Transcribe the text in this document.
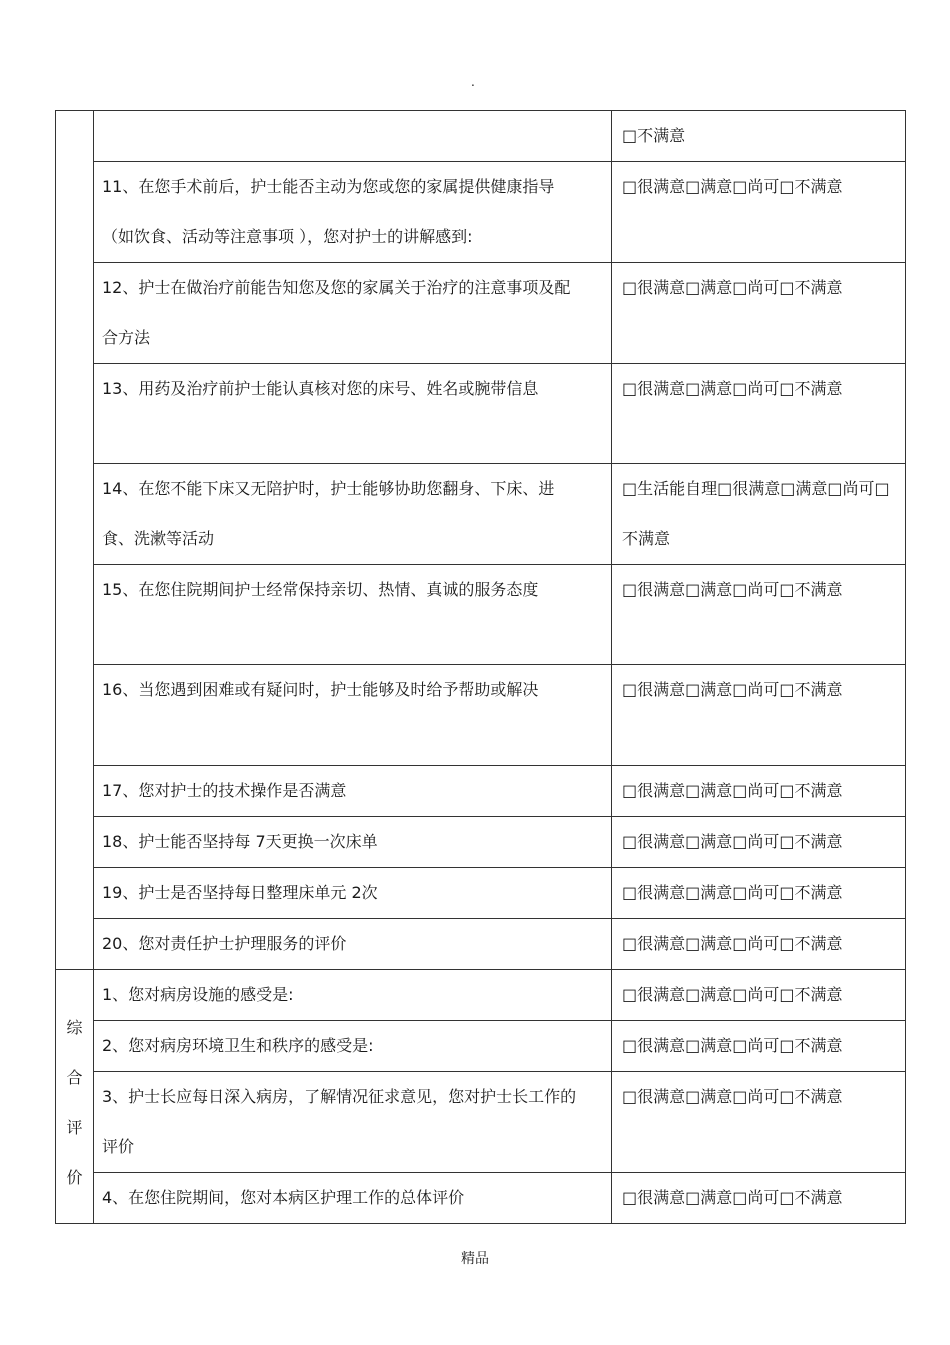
.
		□不满意
	11、在您手术前后，护士能否主动为您或您的家属提供健康指导（如饮食、活动等注意事项 ），您对护士的讲解感到:	□很满意□满意□尚可□不满意
	12、护士在做治疗前能告知您及您的家属关于治疗的注意事项及配合方法	□很满意□满意□尚可□不满意
	13、用药及治疗前护士能认真核对您的床号、姓名或腕带信息	□很满意□满意□尚可□不满意
	14、在您不能下床又无陪护时，护士能够协助您翻身、下床、进食、洗漱等活动	□生活能自理□很满意□满意□尚可□不满意
	15、在您住院期间护士经常保持亲切、热情、真诚的服务态度	□很满意□满意□尚可□不满意
	16、当您遇到困难或有疑问时，护士能够及时给予帮助或解决	□很满意□满意□尚可□不满意
	17、您对护士的技术操作是否满意	□很满意□满意□尚可□不满意
	18、护士能否坚持每 7天更换一次床单	□很满意□满意□尚可□不满意
	19、护士是否坚持每日整理床单元 2次	□很满意□满意□尚可□不满意
	20、您对责任护士护理服务的评价	□很满意□满意□尚可□不满意

综合评价	1、您对病房设施的感受是:	□很满意□满意□尚可□不满意
	2、您对病房环境卫生和秩序的感受是:	□很满意□满意□尚可□不满意
	3、护士长应每日深入病房，了解情况征求意见，您对护士长工作的评价	□很满意□满意□尚可□不满意
	4、在您住院期间，您对本病区护理工作的总体评价	□很满意□满意□尚可□不满意
精品
